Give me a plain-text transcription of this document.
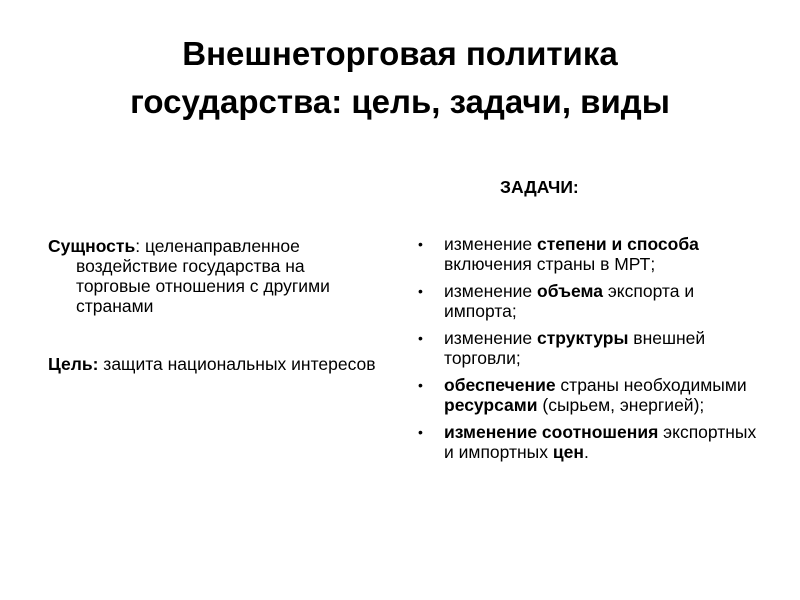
Внешнеторговая политика
государства: цель, задачи, виды

Сущность: целенаправленное воздействие государства на торговые отношения с другими странами

Цель: защита национальных интересов

ЗАДАЧИ:
• изменение степени и способа включения страны в МРТ;
• изменение объема экспорта и импорта;
• изменение структуры внешней торговли;
• обеспечение страны необходимыми ресурсами (сырьем, энергией);
• изменение соотношения экспортных и импортных цен.
